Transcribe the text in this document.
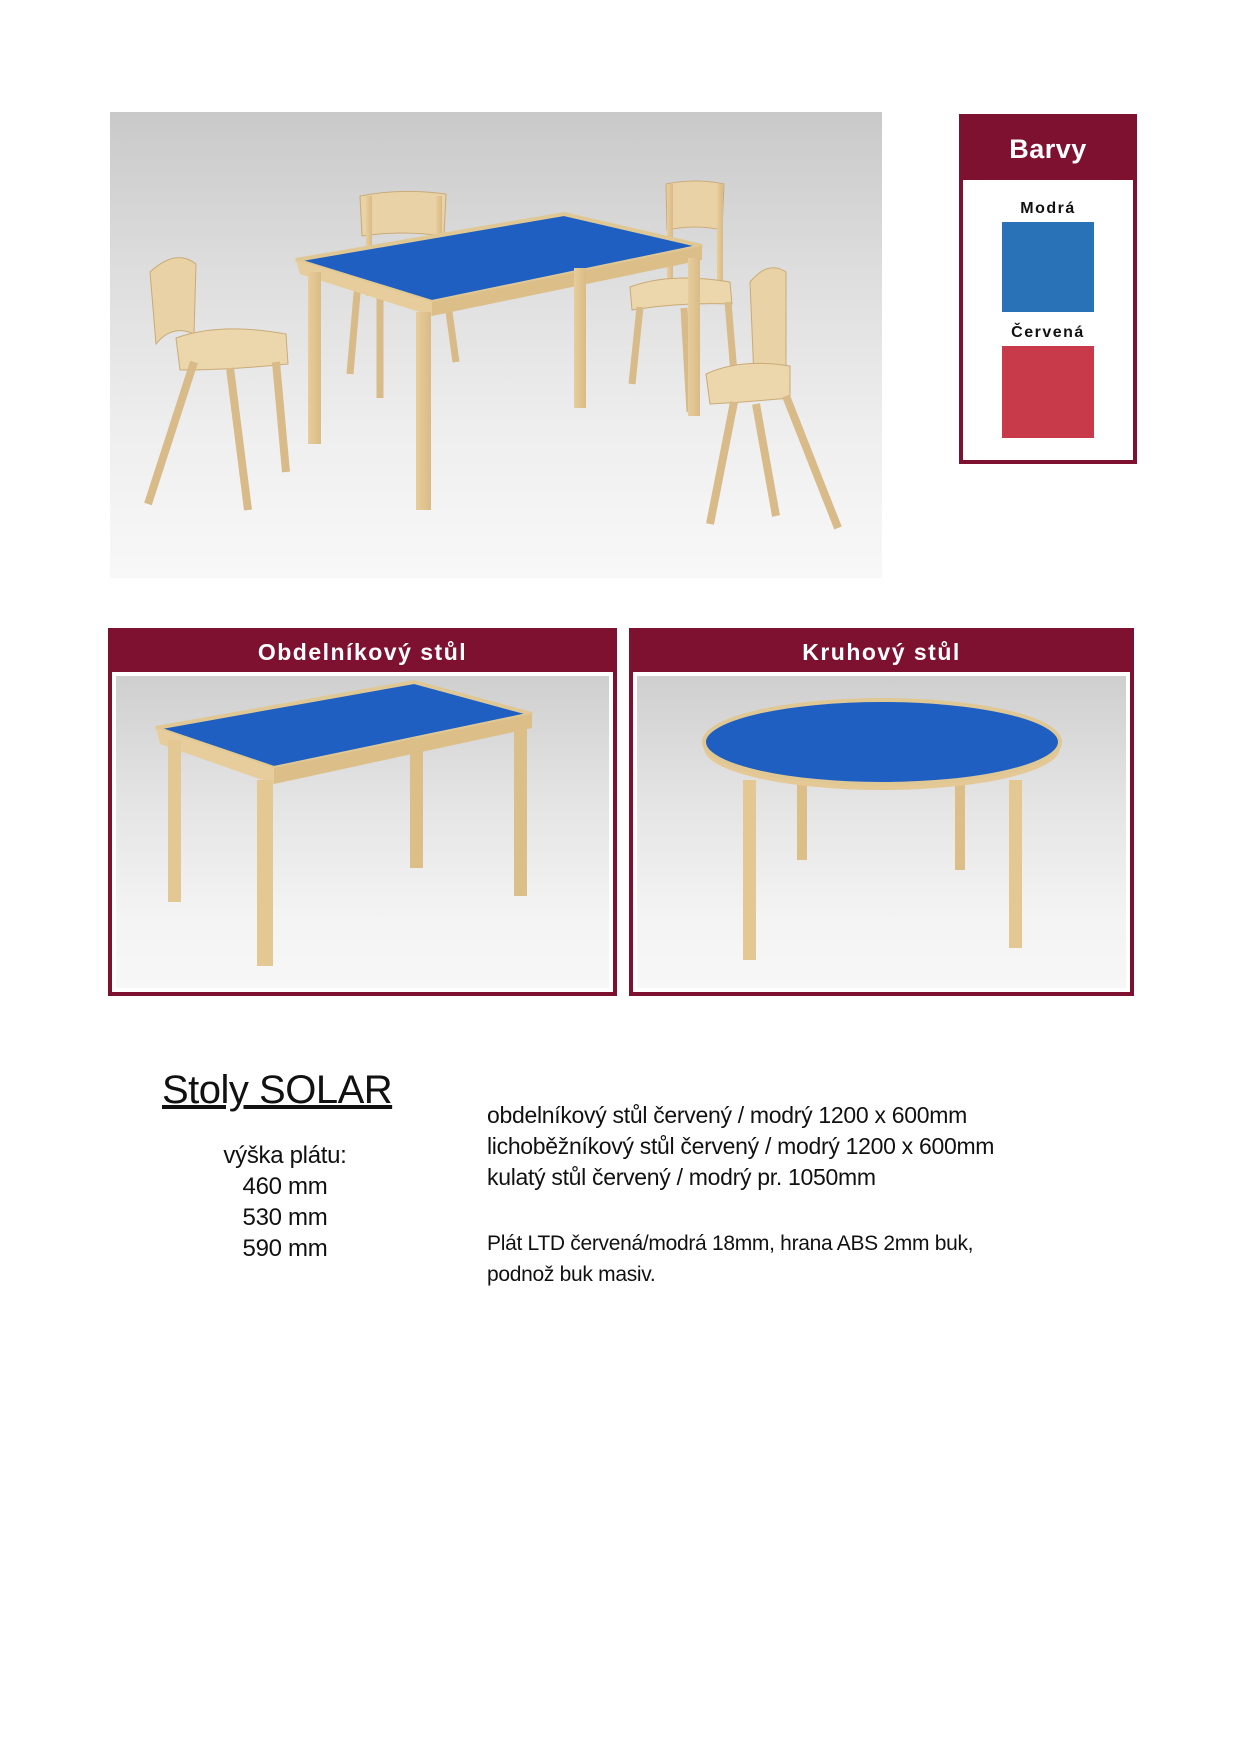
Barvy
Modrá
Červená
Obdelníkový stůl	Kruhový stůl
Stoly SOLAR
výška plátu:
460 mm
530 mm
590 mm
obdelníkový stůl červený / modrý 1200 x 600mm
lichoběžníkový stůl červený / modrý 1200 x 600mm
kulatý stůl červený / modrý pr. 1050mm
Plát LTD červená/modrá 18mm, hrana ABS 2mm buk,
podnož buk masiv.
